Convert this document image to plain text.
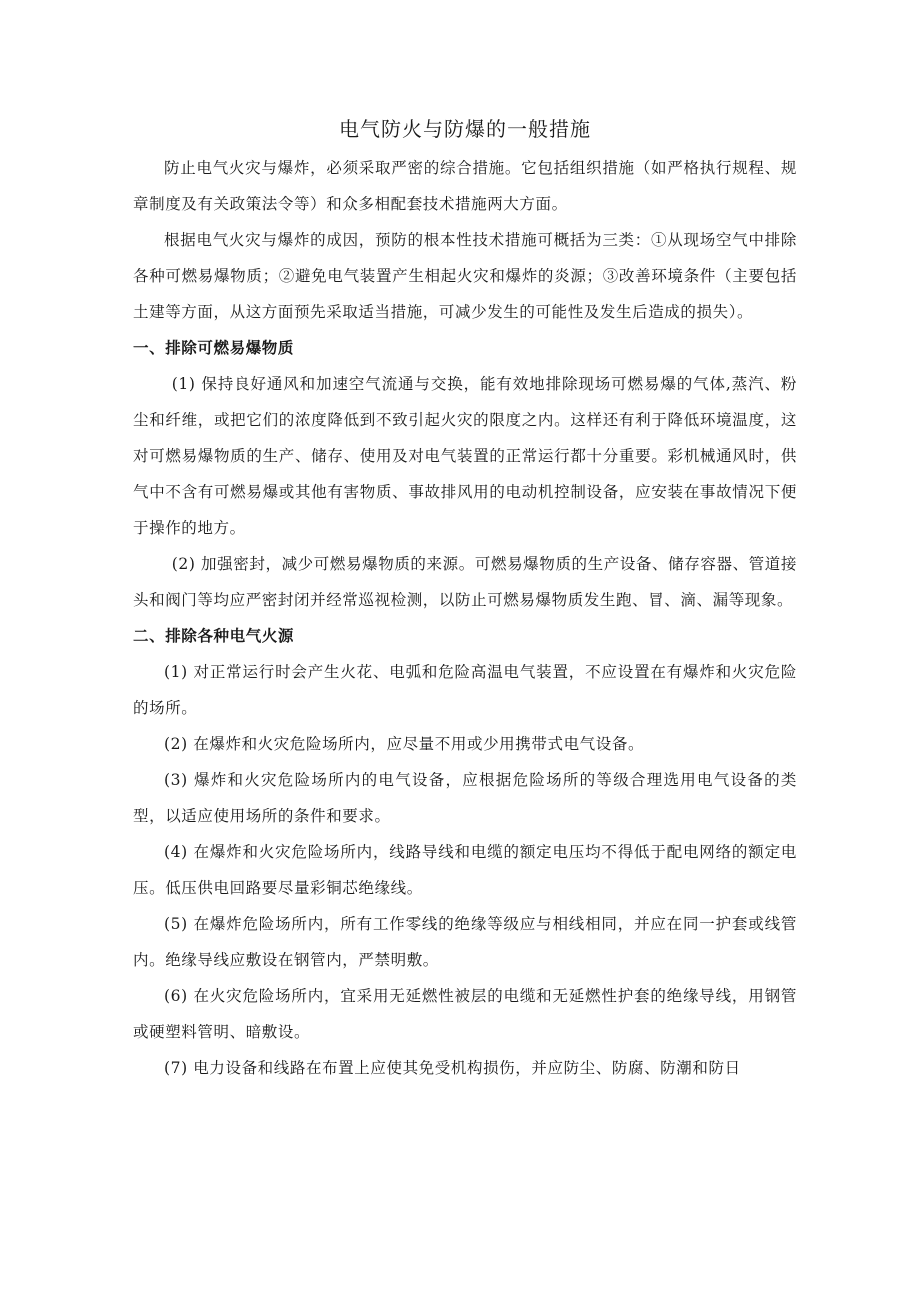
电气防火与防爆的一般措施

防止电气火灾与爆炸，必须采取严密的综合措施。它包括组织措施（如严格执行规程、规章制度及有关政策法令等）和众多相配套技术措施两大方面。

根据电气火灾与爆炸的成因，预防的根本性技术措施可概括为三类：①从现场空气中排除各种可燃易爆物质；②避免电气装置产生相起火灾和爆炸的炎源；③改善环境条件（主要包括土建等方面，从这方面预先采取适当措施，可减少发生的可能性及发生后造成的损失）。

一、排除可燃易爆物质

(1) 保持良好通风和加速空气流通与交换，能有效地排除现场可燃易爆的气体,蒸汽、粉尘和纤维，或把它们的浓度降低到不致引起火灾的限度之内。这样还有利于降低环境温度，这对可燃易爆物质的生产、储存、使用及对电气装置的正常运行都十分重要。彩机械通风时，供气中不含有可燃易爆或其他有害物质、事故排风用的电动机控制设备，应安装在事故情况下便于操作的地方。

(2) 加强密封，减少可燃易爆物质的来源。可燃易爆物质的生产设备、储存容器、管道接头和阀门等均应严密封闭并经常巡视检测，以防止可燃易爆物质发生跑、冒、滴、漏等现象。

二、排除各种电气火源

(1) 对正常运行时会产生火花、电弧和危险高温电气装置，不应设置在有爆炸和火灾危险的场所。

(2) 在爆炸和火灾危险场所内，应尽量不用或少用携带式电气设备。

(3) 爆炸和火灾危险场所内的电气设备，应根据危险场所的等级合理选用电气设备的类型，以适应使用场所的条件和要求。

(4) 在爆炸和火灾危险场所内，线路导线和电缆的额定电压均不得低于配电网络的额定电压。低压供电回路要尽量彩铜芯绝缘线。

(5) 在爆炸危险场所内，所有工作零线的绝缘等级应与相线相同，并应在同一护套或线管内。绝缘导线应敷设在钢管内，严禁明敷。

(6) 在火灾危险场所内，宜采用无延燃性被层的电缆和无延燃性护套的绝缘导线，用钢管或硬塑料管明、暗敷设。

(7) 电力设备和线路在布置上应使其免受机构损伤，并应防尘、防腐、防潮和防日
